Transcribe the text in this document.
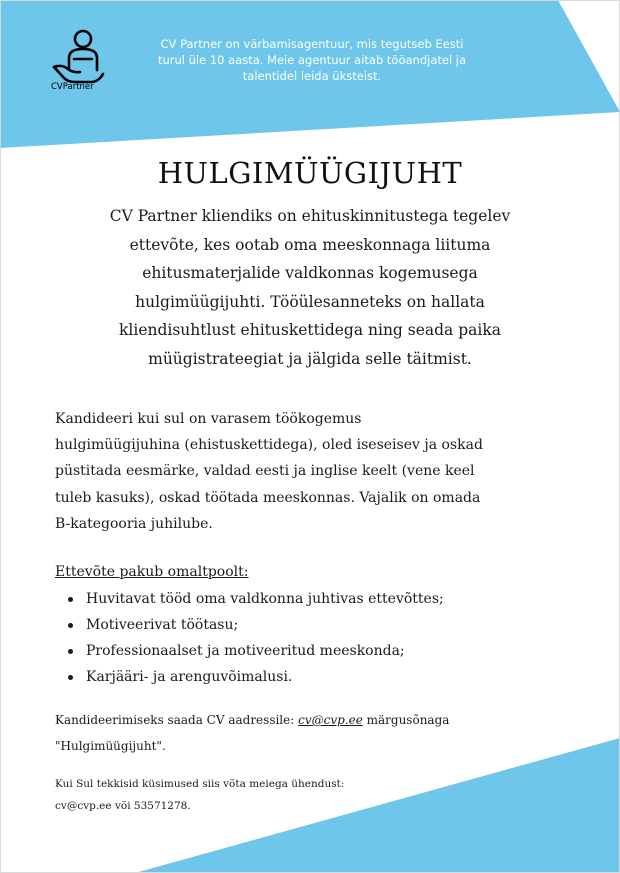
CVPartner
CV Partner on värbamisagentuur, mis tegutseb Eesti
turul üle 10 aasta. Meie agentuur aitab tööandjatel ja
talentidel leida üksteist.
HULGIMÜÜGIJUHT
CV Partner kliendiks on ehituskinnitustega tegelev
ettevõte, kes ootab oma meeskonnaga liituma
ehitusmaterjalide valdkonnas kogemusega
hulgimüügijuhti. Tööülesanneteks on hallata
kliendisuhtlust ehituskettidega ning seada paika
müügistrateegiat ja jälgida selle täitmist.
Kandideeri kui sul on varasem töökogemus
hulgimüügijuhina (ehistuskettidega), oled iseseisev ja oskad
püstitada eesmärke, valdad eesti ja inglise keelt (vene keel
tuleb kasuks), oskad töötada meeskonnas. Vajalik on omada
B-kategooria juhilube.
Ettevõte pakub omaltpoolt:
Huvitavat tööd oma valdkonna juhtivas ettevõttes;
Motiveerivat töötasu;
Professionaalset ja motiveeritud meeskonda;
Karjääri- ja arenguvõimalusi.
Kandideerimiseks saada CV aadressile: cv@cvp.ee märgusõnaga
"Hulgimüügijuht".
Kui Sul tekkisid küsimused siis võta meiega ühendust:
cv@cvp.ee või 53571278.
